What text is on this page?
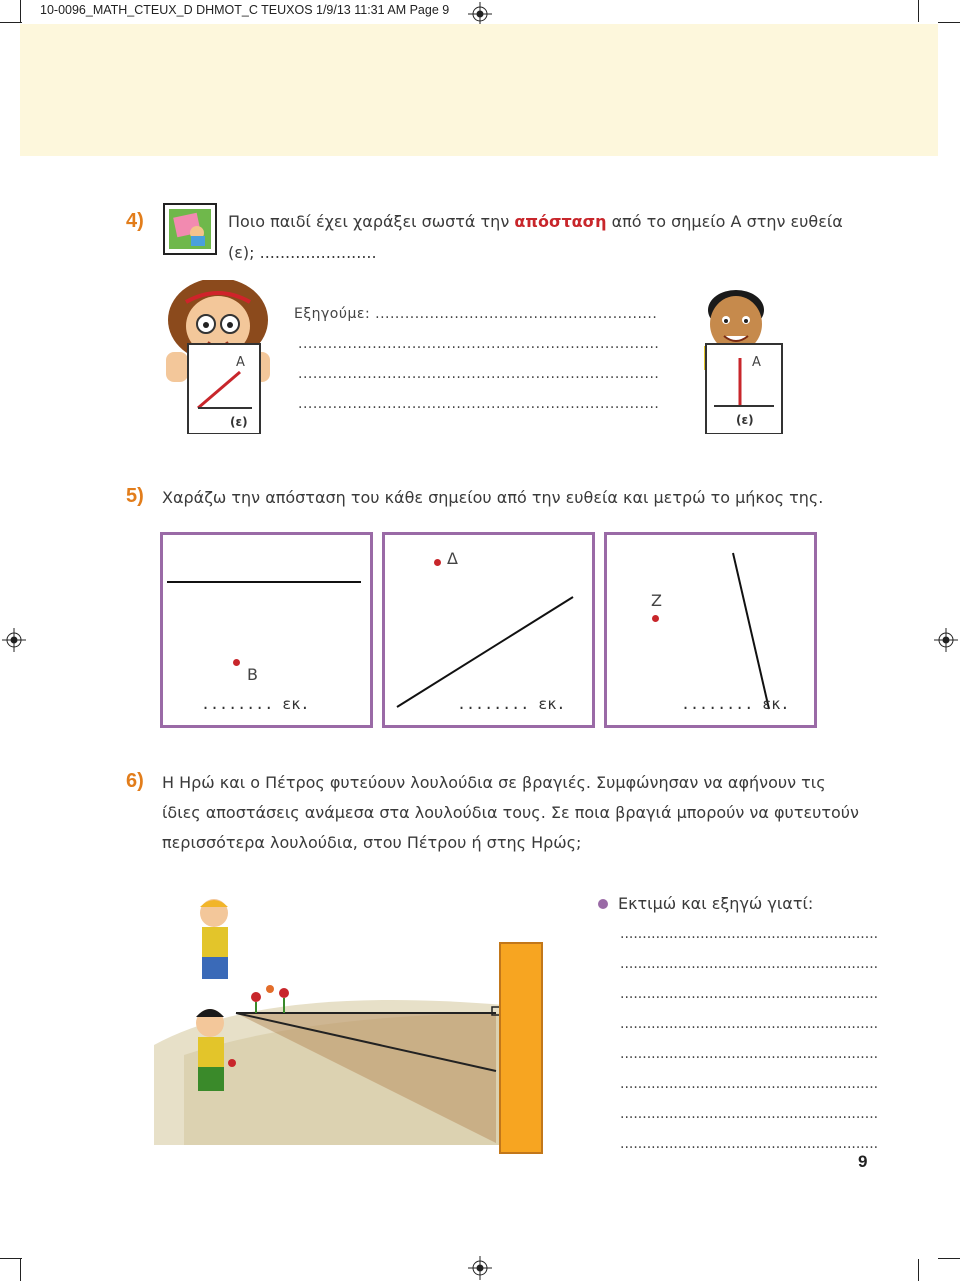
10-0096_MATH_CTEUX_D DHMOT_C TEUXOS 1/9/13 11:31 AM Page 9
4)	Ποιο παιδί έχει χαράξει σωστά την απόσταση από το σημείο Α στην ευθεία
(ε); .......................
Α
(ε)
Εξηγούμε: .........................................................
.........................................................................
.........................................................................
.........................................................................
Α
(ε)
5) Χαράζω την απόσταση του κάθε σημείου από την ευθεία και μετρώ το μήκος της.
Β
........ εκ.
Δ
........ εκ.
Ζ
........ εκ.
6) Η Ηρώ και ο Πέτρος φυτεύουν λουλούδια σε βραγιές. Συμφώνησαν να αφήνουν τις
ίδιες αποστάσεις ανάμεσα στα λουλούδια τους. Σε ποια βραγιά μπορούν να φυτευτούν
περισσότερα λουλούδια, στου Πέτρου ή στης Ηρώς;
Εκτιμώ και εξηγώ γιατί:
..........................................................
..........................................................
..........................................................
..........................................................
..........................................................
..........................................................
..........................................................
..........................................................
9
